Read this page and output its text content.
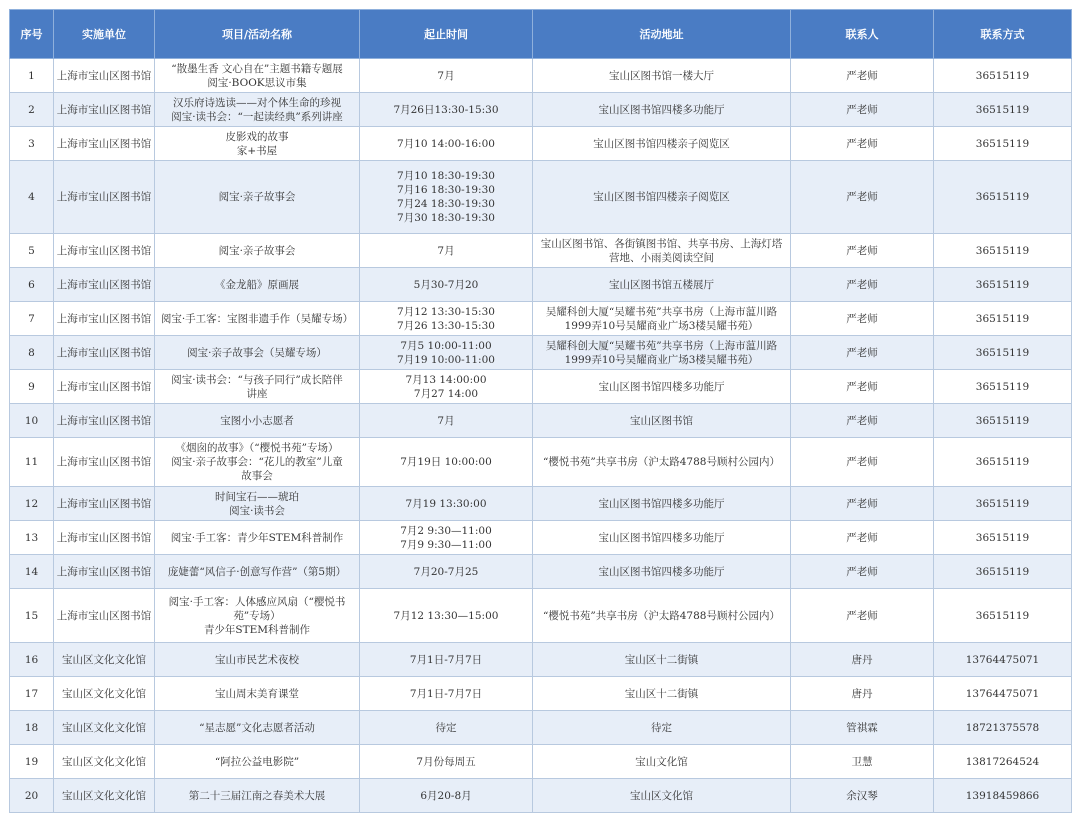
序号	实施单位	项目/活动名称	起止时间	活动地址	联系人	联系方式
1	上海市宝山区图书馆	“散墨生香 文心自在”主题书籍专题展
阅宝·BOOK思议市集	7月	宝山区图书馆一楼大厅	严老师	36515119
2	上海市宝山区图书馆	汉乐府诗选读——对个体生命的珍视
阅宝·读书会：“一起读经典”系列讲座	7月26日13:30-15:30	宝山区图书馆四楼多功能厅	严老师	36515119
3	上海市宝山区图书馆	皮影戏的故事
家+书屋	7月10 14:00-16:00	宝山区图书馆四楼亲子阅览区	严老师	36515119
4	上海市宝山区图书馆	阅宝·亲子故事会	7月10 18:30-19:30
7月16 18:30-19:30
7月24 18:30-19:30
7月30 18:30-19:30	宝山区图书馆四楼亲子阅览区	严老师	36515119
5	上海市宝山区图书馆	阅宝·亲子故事会	7月	宝山区图书馆、各街镇图书馆、共享书房、上海灯塔
营地、小雨美阅读空间	严老师	36515119
6	上海市宝山区图书馆	《金龙船》原画展	5月30-7月20	宝山区图书馆五楼展厅	严老师	36515119
7	上海市宝山区图书馆	阅宝·手工客：宝图非遗手作（吴耀专场）	7月12 13:30-15:30
7月26 13:30-15:30	吴耀科创大厦“吴耀书苑”共享书房（上海市蕰川路
1999弄10号吴耀商业广场3楼吴耀书苑）	严老师	36515119
8	上海市宝山区图书馆	阅宝·亲子故事会（吴耀专场）	7月5 10:00-11:00
7月19 10:00-11:00	吴耀科创大厦“吴耀书苑”共享书房（上海市蕰川路
1999弄10号吴耀商业广场3楼吴耀书苑）	严老师	36515119
9	上海市宝山区图书馆	阅宝·读书会：“与孩子同行”成长陪伴
讲座	7月13 14:00:00
7月27 14:00	宝山区图书馆四楼多功能厅	严老师	36515119
10	上海市宝山区图书馆	宝图小小志愿者	7月	宝山区图书馆	严老师	36515119
11	上海市宝山区图书馆	《烟囱的故事》（“樱悦书苑”专场）
阅宝·亲子故事会：“花儿的教室”儿童
故事会	7月19日 10:00:00	“樱悦书苑”共享书房（沪太路4788号顾村公园内）	严老师	36515119
12	上海市宝山区图书馆	时间宝石——琥珀
阅宝·读书会	7月19 13:30:00	宝山区图书馆四楼多功能厅	严老师	36515119
13	上海市宝山区图书馆	阅宝·手工客：青少年STEM科普制作	7月2 9:30—11:00
7月9 9:30—11:00	宝山区图书馆四楼多功能厅	严老师	36515119
14	上海市宝山区图书馆	庞婕蕾“风信子·创意写作营”（第5期）	7月20-7月25	宝山区图书馆四楼多功能厅	严老师	36515119
15	上海市宝山区图书馆	阅宝·手工客：人体感应风扇（“樱悦书
苑”专场）
青少年STEM科普制作	7月12 13:30—15:00	“樱悦书苑”共享书房（沪太路4788号顾村公园内）	严老师	36515119
16	宝山区文化文化馆	宝山市民艺术夜校	7月1日-7月7日	宝山区十二街镇	唐丹	13764475071
17	宝山区文化文化馆	宝山周末美育课堂	7月1日-7月7日	宝山区十二街镇	唐丹	13764475071
18	宝山区文化文化馆	“星志愿”文化志愿者活动	待定	待定	管祺霖	18721375578
19	宝山区文化文化馆	“阿拉公益电影院”	7月份每周五	宝山文化馆	卫慧	13817264524
20	宝山区文化文化馆	第二十三届江南之春美术大展	6月20-8月	宝山区文化馆	余汉琴	13918459866
